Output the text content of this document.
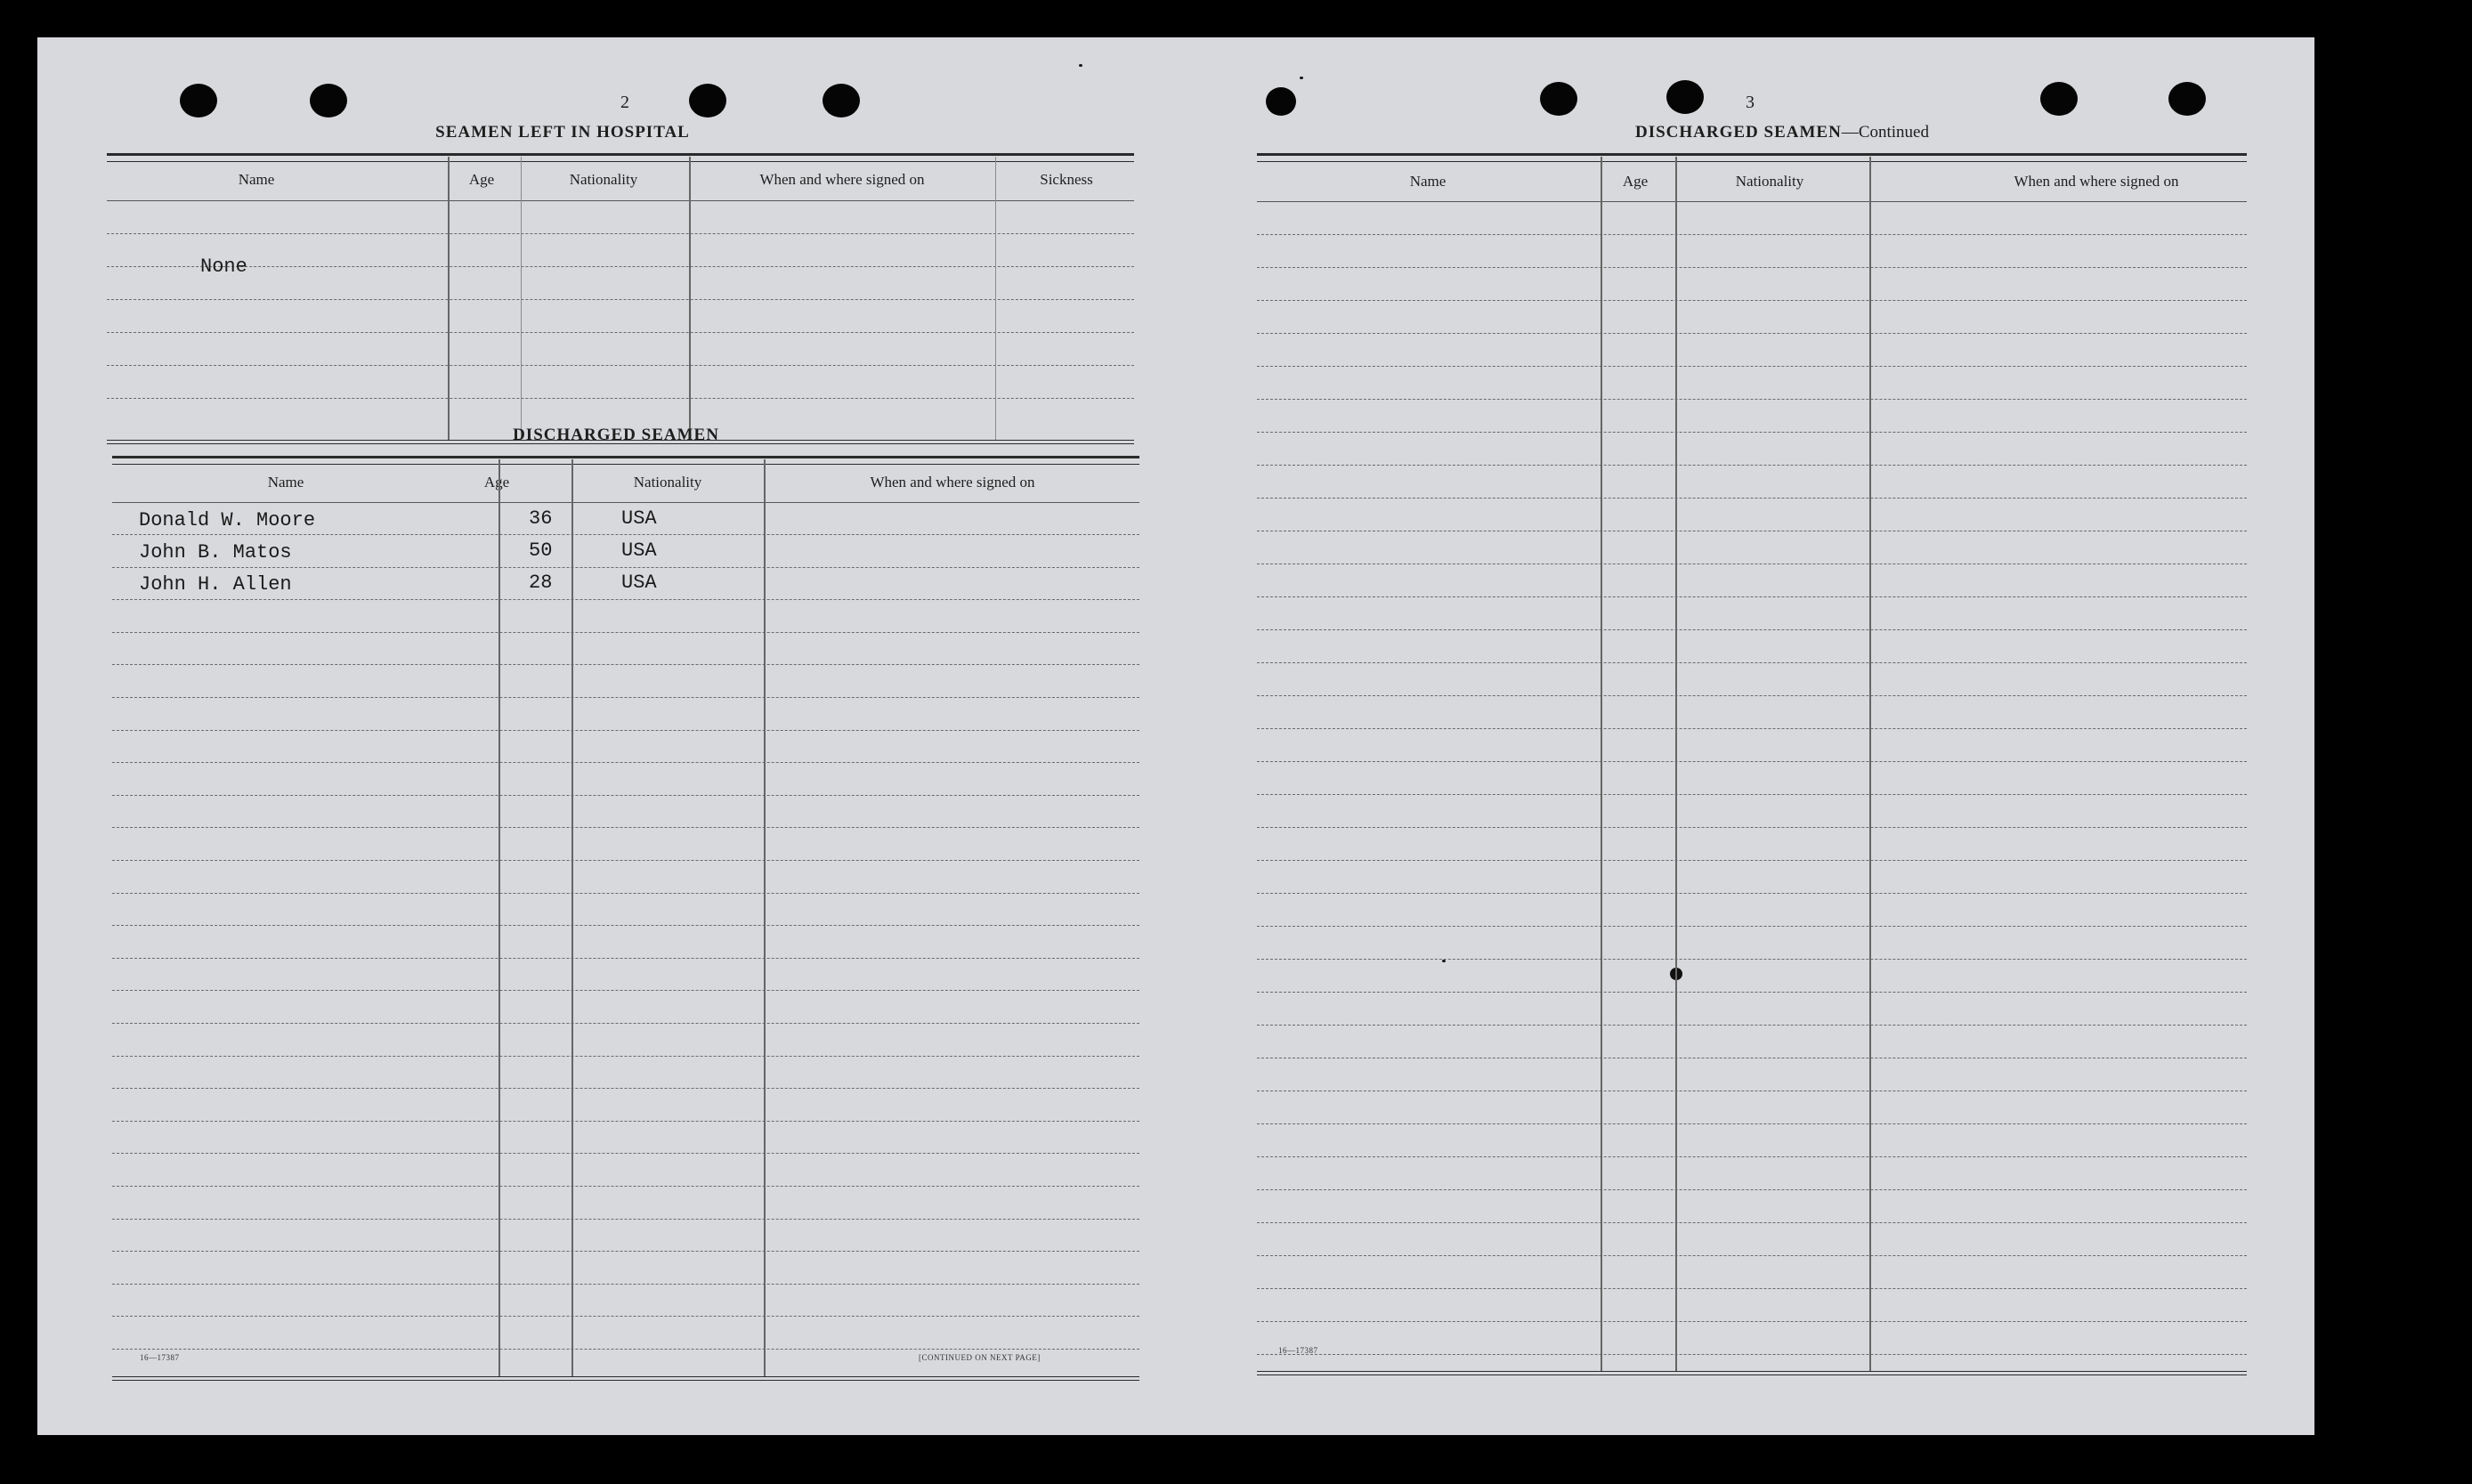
2
SEAMEN LEFT IN HOSPITAL
Name	Age	Nationality	When and where signed on	Sickness
None
DISCHARGED SEAMEN
Name	Age	Nationality	When and where signed on
Donald W. Moore	36	USA
John B. Matos	50	USA
John H. Allen	28	USA
16—17387	[CONTINUED ON NEXT PAGE]
3
DISCHARGED SEAMEN—Continued
Name	Age	Nationality	When and where signed on
16—17387
